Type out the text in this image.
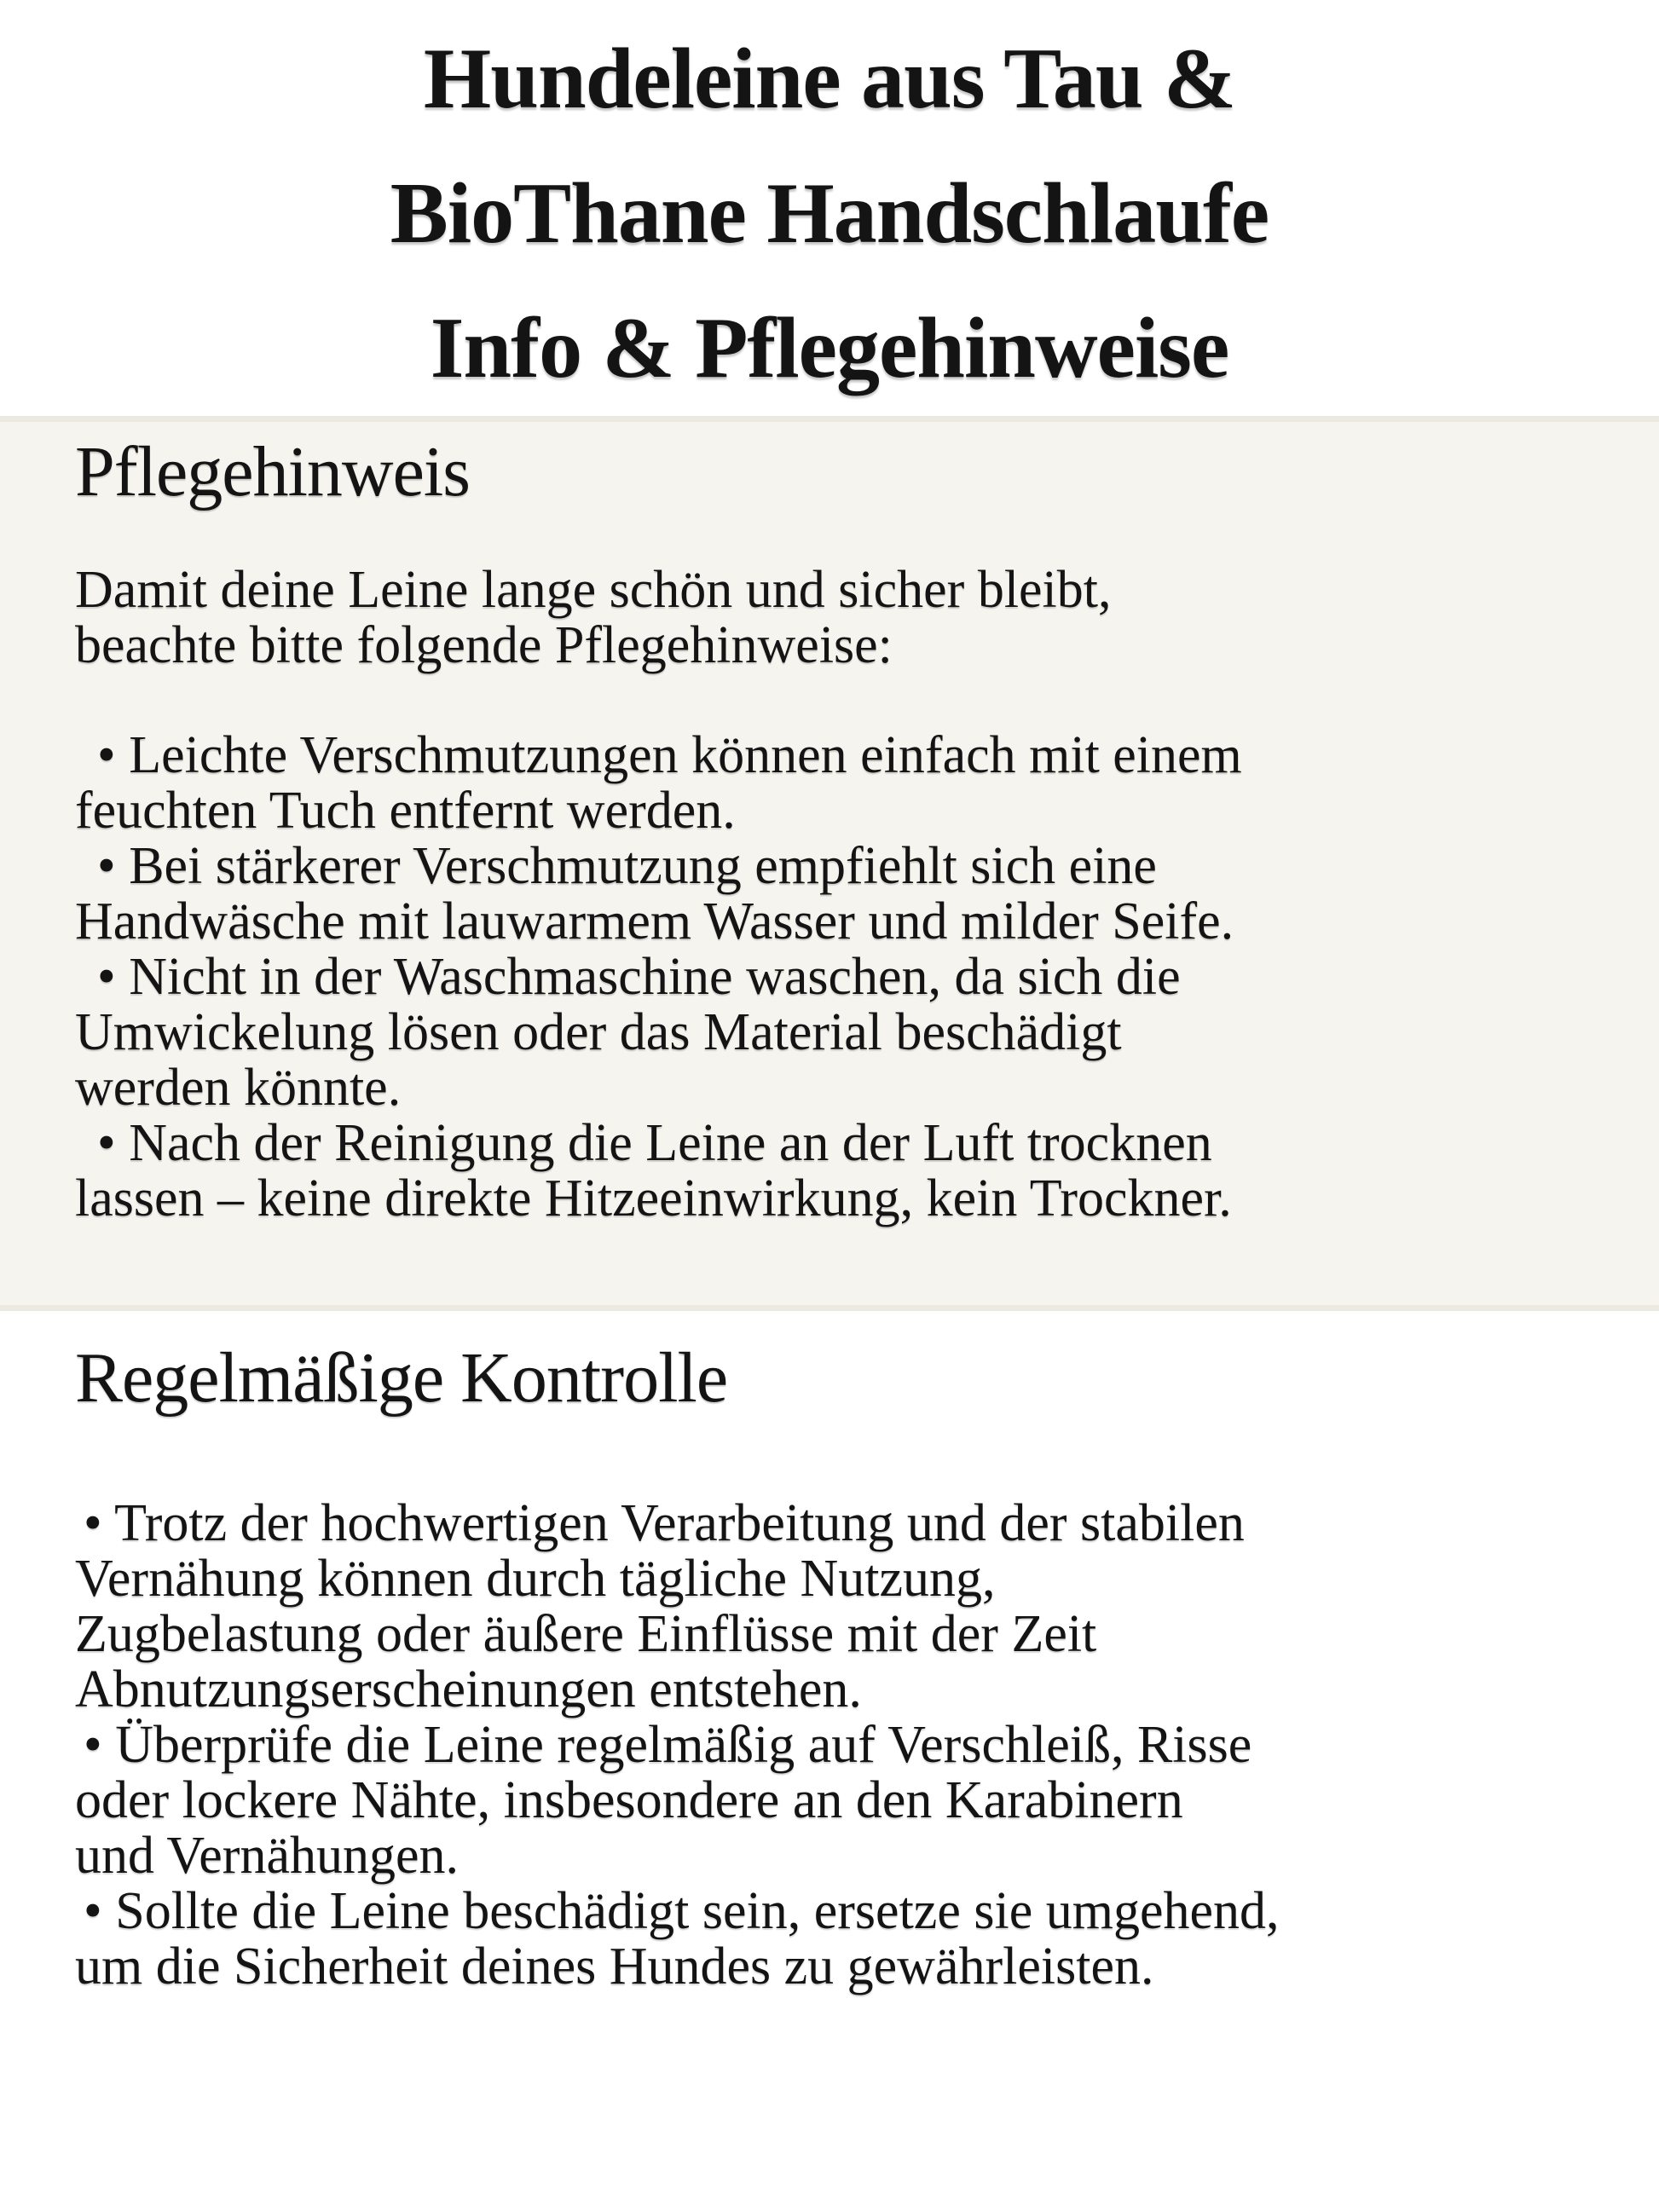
Hundeleine aus Tau &
BioThane Handschlaufe
Info & Pflegehinweise
Pflegehinweis

Damit deine Leine lange schön und sicher bleibt,
beachte bitte folgende Pflegehinweise:

• Leichte Verschmutzungen können einfach mit einem
feuchten Tuch entfernt werden.

• Bei stärkerer Verschmutzung empfiehlt sich eine
Handwäsche mit lauwarmem Wasser und milder Seife.

• Nicht in der Waschmaschine waschen, da sich die
Umwickelung lösen oder das Material beschädigt
werden könnte.

• Nach der Reinigung die Leine an der Luft trocknen
lassen – keine direkte Hitzeeinwirkung, kein Trockner.

Regelmäßige Kontrolle

• Trotz der hochwertigen Verarbeitung und der stabilen
Vernähung können durch tägliche Nutzung,
Zugbelastung oder äußere Einflüsse mit der Zeit
Abnutzungserscheinungen entstehen.

• Überprüfe die Leine regelmäßig auf Verschleiß, Risse
oder lockere Nähte, insbesondere an den Karabinern
und Vernähungen.

• Sollte die Leine beschädigt sein, ersetze sie umgehend,
um die Sicherheit deines Hundes zu gewährleisten.
